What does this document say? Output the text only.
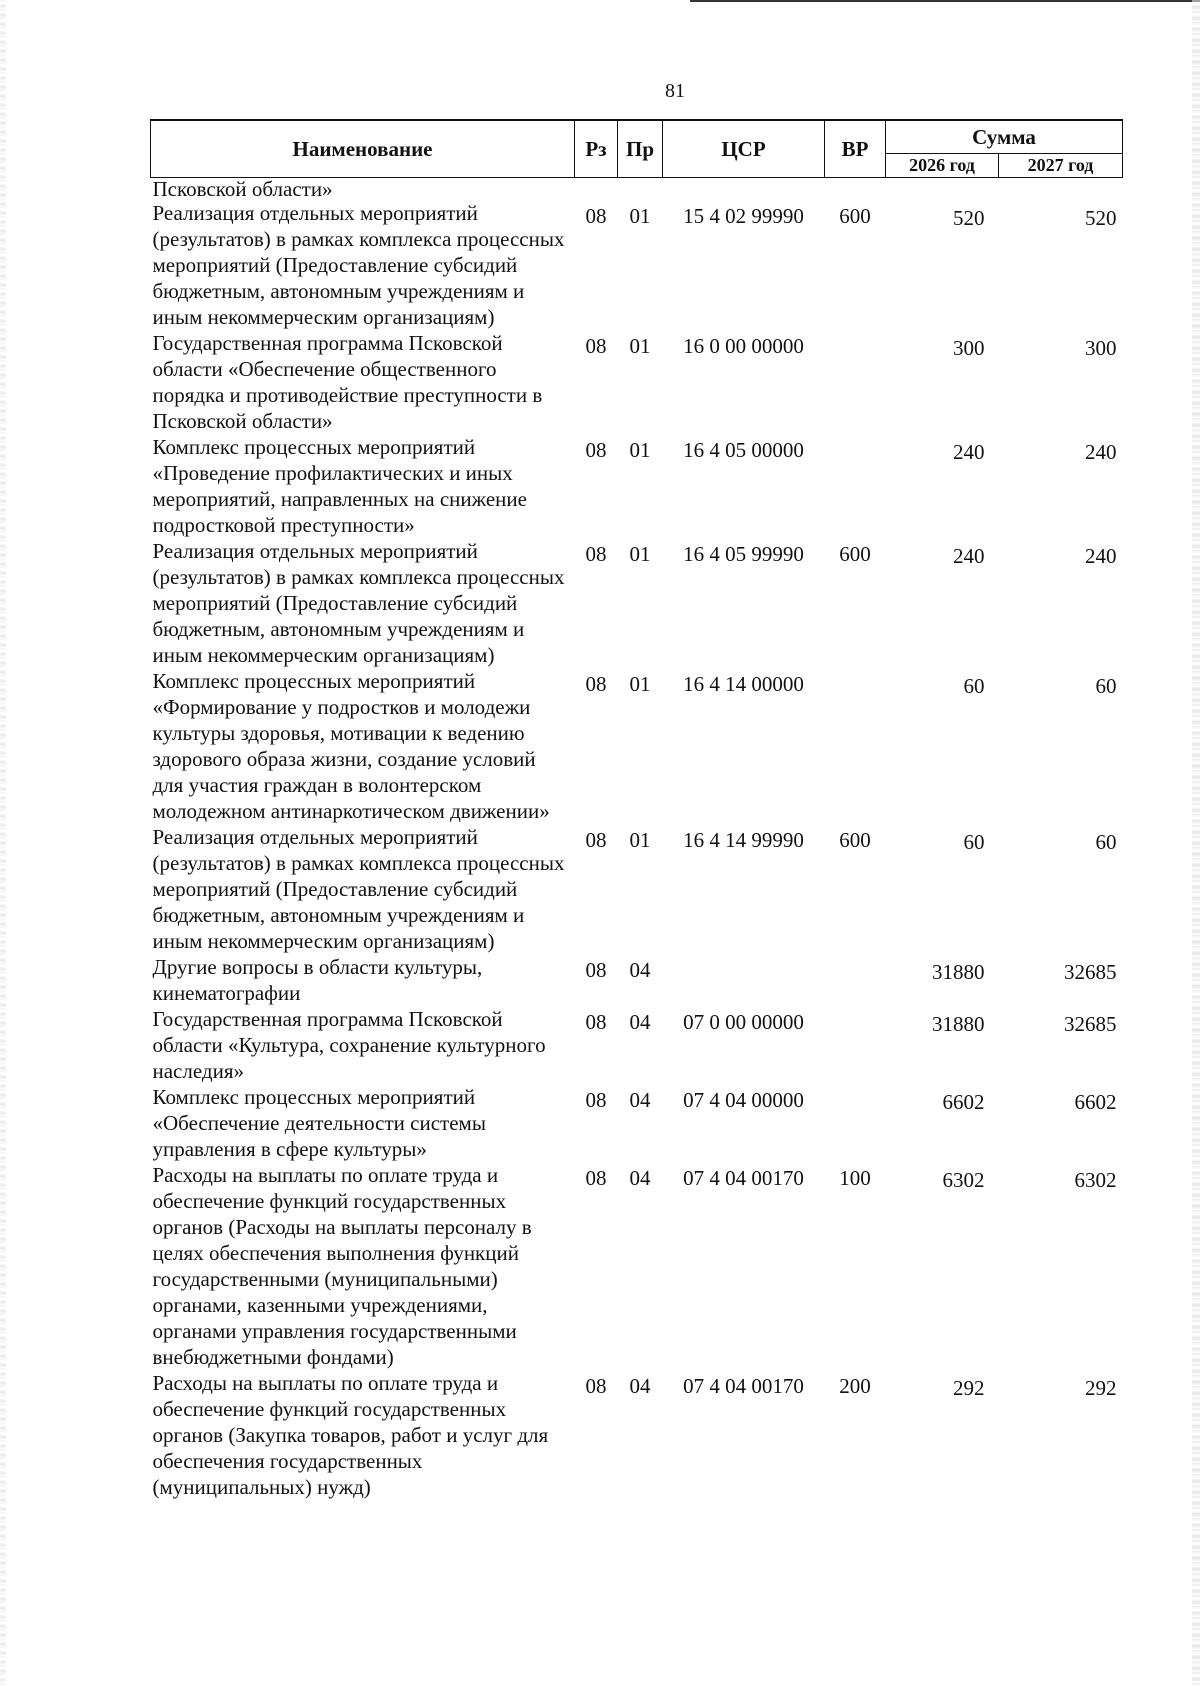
81
Наименование	Рз	Пр	ЦСР	ВР	Сумма	
					2026 год	2027 год
Псковской области»						
Реализация отдельных мероприятий (результатов) в рамках комплекса процессных мероприятий (Предоставление субсидий бюджетным, автономным учреждениям и иным некоммерческим организациям)	08	01	15 4 02 99990	600	520	520
Государственная программа Псковской области «Обеспечение общественного порядка и противодействие преступности в Псковской области»	08	01	16 0 00 00000		300	300
Комплекс процессных мероприятий «Проведение профилактических и иных мероприятий, направленных на снижение подростковой преступности»	08	01	16 4 05 00000		240	240
Реализация отдельных мероприятий (результатов) в рамках комплекса процессных мероприятий (Предоставление субсидий бюджетным, автономным учреждениям и иным некоммерческим организациям)	08	01	16 4 05 99990	600	240	240
Комплекс процессных мероприятий «Формирование у подростков и молодежи культуры здоровья, мотивации к ведению здорового образа жизни, создание условий для участия граждан в волонтерском молодежном антинаркотическом движении»	08	01	16 4 14 00000		60	60
Реализация отдельных мероприятий (результатов) в рамках комплекса процессных мероприятий (Предоставление субсидий бюджетным, автономным учреждениям и иным некоммерческим организациям)	08	01	16 4 14 99990	600	60	60
Другие вопросы в области культуры, кинематографии	08	04			31880	32685
Государственная программа Псковской области «Культура, сохранение культурного наследия»	08	04	07 0 00 00000		31880	32685
Комплекс процессных мероприятий «Обеспечение деятельности системы управления в сфере культуры»	08	04	07 4 04 00000		6602	6602
Расходы на выплаты по оплате труда и обеспечение функций государственных органов (Расходы на выплаты персоналу в целях обеспечения выполнения функций государственными (муниципальными) органами, казенными учреждениями, органами управления государственными внебюджетными фондами)	08	04	07 4 04 00170	100	6302	6302
Расходы на выплаты по оплате труда и обеспечение функций государственных органов (Закупка товаров, работ и услуг для обеспечения государственных (муниципальных) нужд)	08	04	07 4 04 00170	200	292	292
